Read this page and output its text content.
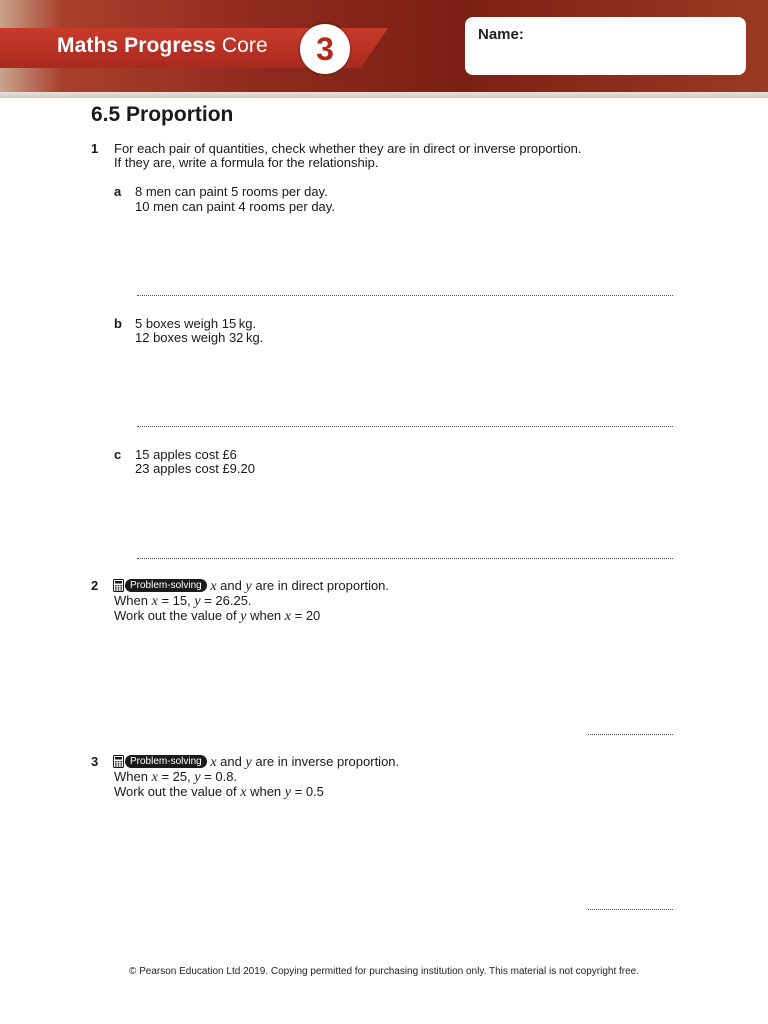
Maths Progress Core	3	Name:
6.5 Proportion
1 For each pair of quantities, check whether they are in direct or inverse proportion.
If they are, write a formula for the relationship.
a 8 men can paint 5 rooms per day.
10 men can paint 4 rooms per day.
b 5 boxes weigh 15 kg.
12 boxes weigh 32 kg.
c 15 apples cost £6
23 apples cost £9.20
2	Problem-solving x and y are in direct proportion.
When x = 15, y = 26.25.
Work out the value of y when x = 20
3	Problem-solving x and y are in inverse proportion.
When x = 25, y = 0.8.
Work out the value of x when y = 0.5
© Pearson Education Ltd 2019. Copying permitted for purchasing institution only. This material is not copyright free.
